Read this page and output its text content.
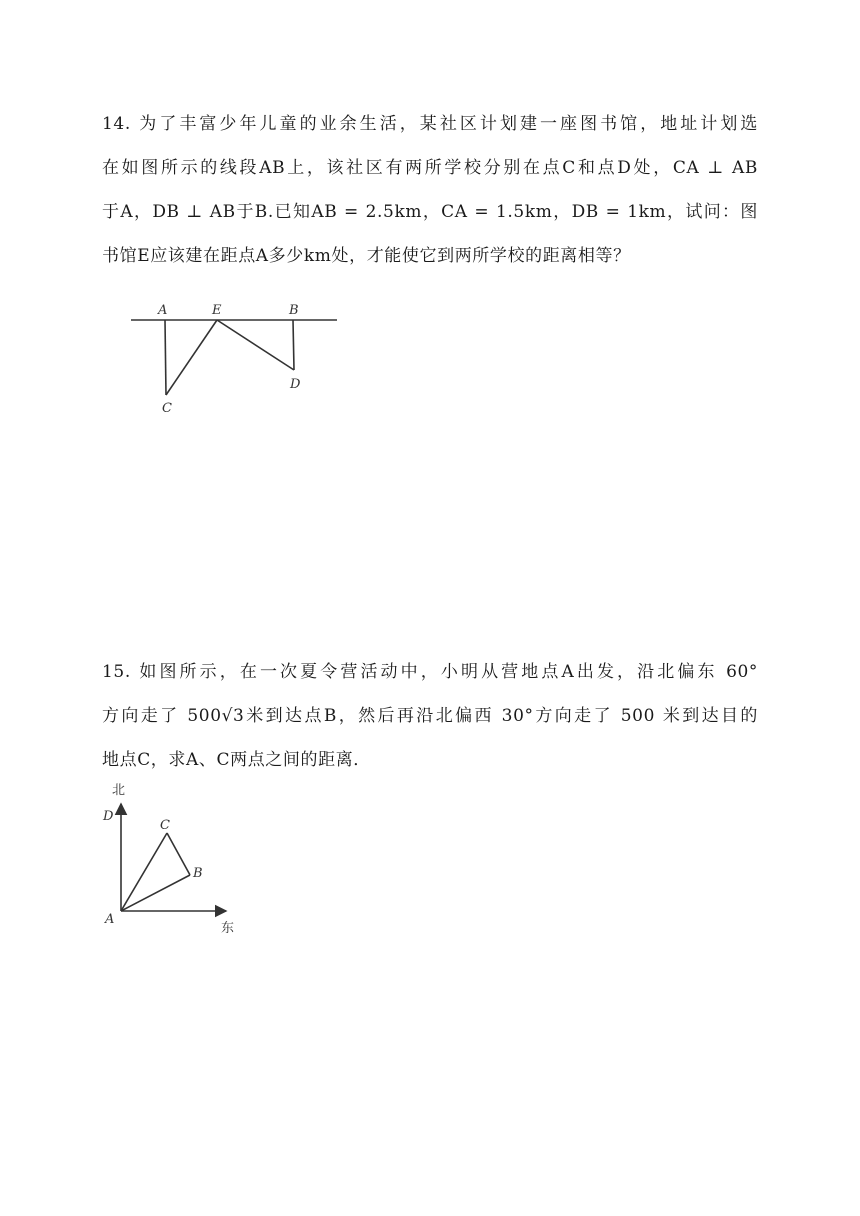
14. 为了丰富少年儿童的业余生活，某社区计划建一座图书馆，地址计划选
在如图所示的线段AB上，该社区有两所学校分别在点C和点D处，CA ⊥ AB
于A，DB ⊥ AB于B.已知AB = 2.5km，CA = 1.5km，DB = 1km，试问：图
书馆E应该建在距点A多少km处，才能使它到两所学校的距离相等？
A	E	B
C
D
15. 如图所示，在一次夏令营活动中，小明从营地点A出发，沿北偏东 60°
方向走了 500√3米到达点B，然后再沿北偏西 30°方向走了 500 米到达目的
地点C，求A、C两点之间的距离．
北
东
D
C
B
A
